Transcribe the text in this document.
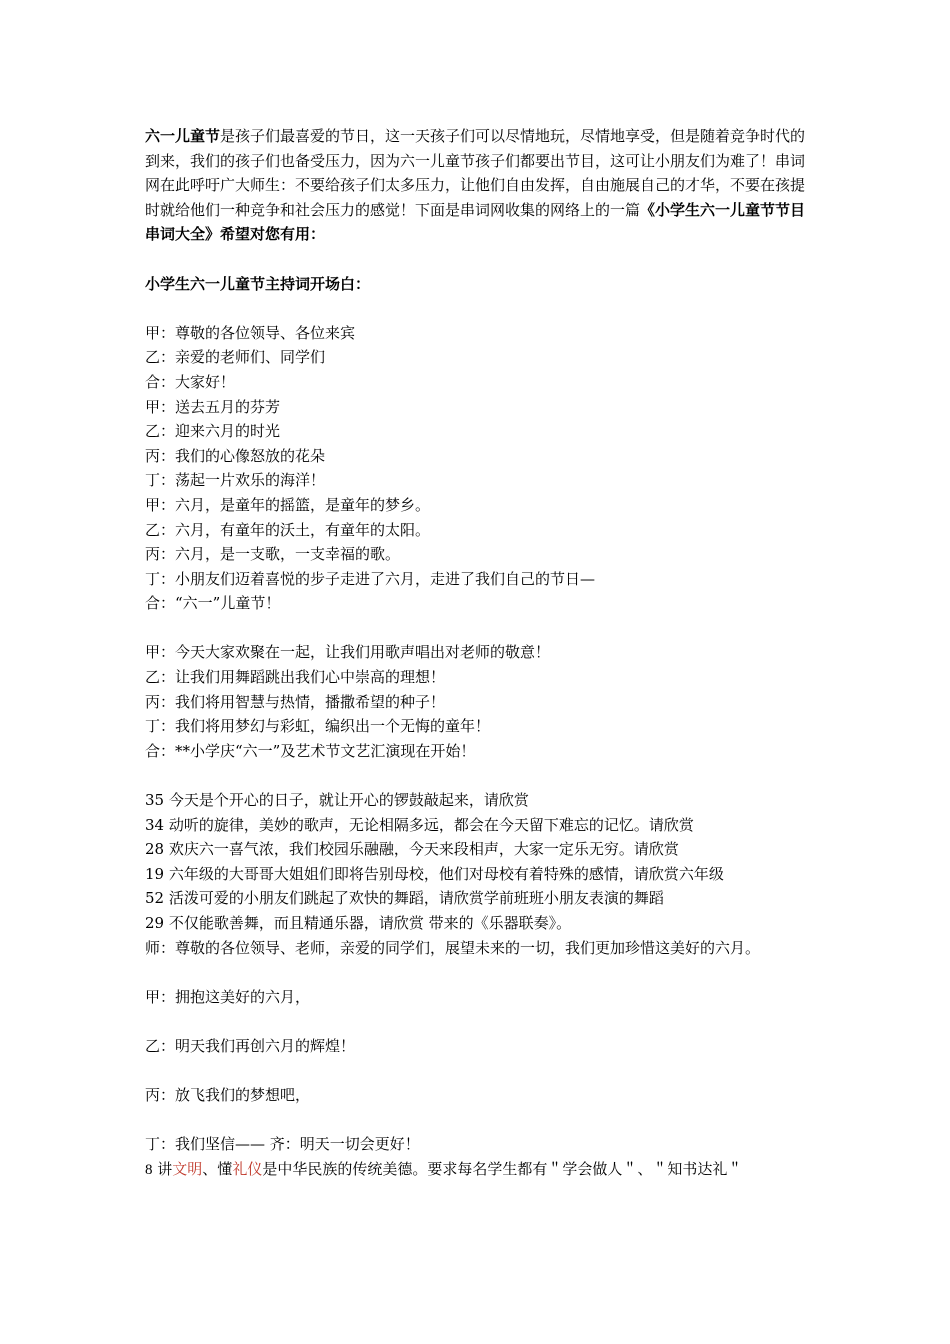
六一儿童节是孩子们最喜爱的节日，这一天孩子们可以尽情地玩，尽情地享受，但是随着竞争时代的到来，我们的孩子们也备受压力，因为六一儿童节孩子们都要出节目，这可让小朋友们为难了！串词网在此呼吁广大师生：不要给孩子们太多压力，让他们自由发挥，自由施展自己的才华，不要在孩提时就给他们一种竞争和社会压力的感觉！下面是串词网收集的网络上的一篇《小学生六一儿童节节目串词大全》希望对您有用：

小学生六一儿童节主持词开场白：

甲：尊敬的各位领导、各位来宾

乙：亲爱的老师们、同学们

合：大家好！

甲：送去五月的芬芳

乙：迎来六月的时光

丙：我们的心像怒放的花朵

丁：荡起一片欢乐的海洋！

甲：六月，是童年的摇篮，是童年的梦乡。

乙：六月，有童年的沃土，有童年的太阳。

丙：六月，是一支歌，一支幸福的歌。

丁：小朋友们迈着喜悦的步子走进了六月，走进了我们自己的节日—

合：“六一”儿童节！

甲：今天大家欢聚在一起，让我们用歌声唱出对老师的敬意！

乙：让我们用舞蹈跳出我们心中崇高的理想！

丙：我们将用智慧与热情，播撒希望的种子！

丁：我们将用梦幻与彩虹，编织出一个无悔的童年！

合：**小学庆“六一”及艺术节文艺汇演现在开始！

35 今天是个开心的日子，就让开心的锣鼓敲起来，请欣赏

34 动听的旋律，美妙的歌声，无论相隔多远，都会在今天留下难忘的记忆。请欣赏

28 欢庆六一喜气浓，我们校园乐融融，今天来段相声，大家一定乐无穷。请欣赏

19 六年级的大哥哥大姐姐们即将告别母校，他们对母校有着特殊的感情，请欣赏六年级

52 活泼可爱的小朋友们跳起了欢快的舞蹈，请欣赏学前班班小朋友表演的舞蹈

29 不仅能歌善舞，而且精通乐器，请欣赏 带来的《乐器联奏》。

师：尊敬的各位领导、老师，亲爱的同学们，展望未来的一切，我们更加珍惜这美好的六月。

甲：拥抱这美好的六月，

乙：明天我们再创六月的辉煌！

丙：放飞我们的梦想吧，

丁：我们坚信—— 齐：明天一切会更好！

8 讲文明、懂礼仪是中华民族的传统美德。要求每名学生都有＂学会做人＂、＂知书达礼＂
